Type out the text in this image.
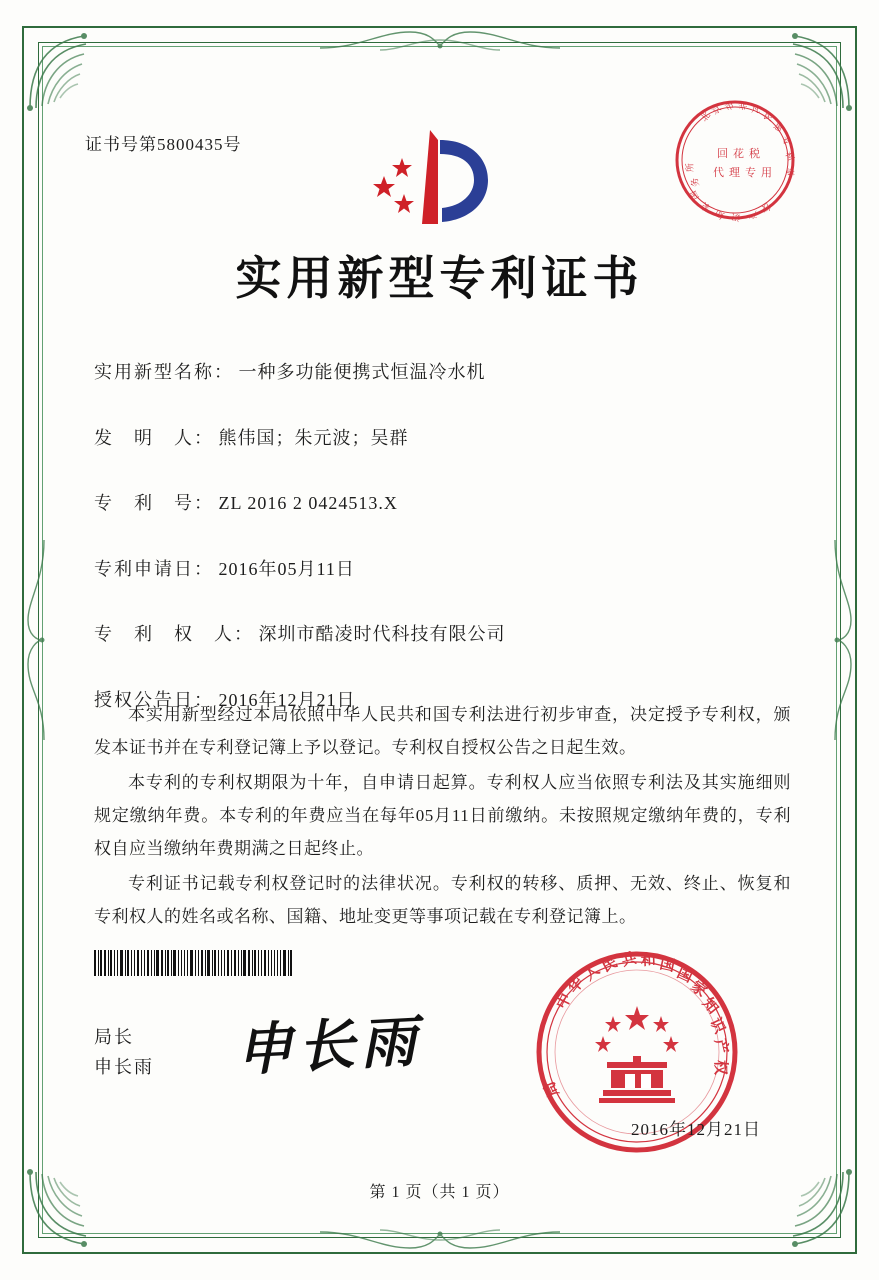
证书号第5800435号
北
京 市 非 凡
民
惠
专
利
事
务
所
回 花 税
代 理 专 用
国
家
知 识 产
权
实用新型专利证书
实用新型名称： 一种多功能便携式恒温冷水机
发　明　人： 熊伟国；朱元波；吴群
专　利　号： ZL 2016 2 0424513.X
专利申请日： 2016年05月11日
专　利　权　人： 深圳市酷凌时代科技有限公司
授权公告日： 2016年12月21日

本实用新型经过本局依照中华人民共和国专利法进行初步审查，决定授予专利权，颁发本证书并在专利登记簿上予以登记。专利权自授权公告之日起生效。

本专利的专利权期限为十年，自申请日起算。专利权人应当依照专利法及其实施细则规定缴纳年费。本专利的年费应当在每年05月11日前缴纳。未按照规定缴纳年费的，专利权自应当缴纳年费期满之日起终止。

专利证书记载专利权登记时的法律状况。专利权的转移、质押、无效、终止、恢复和专利权人的姓名或名称、国籍、地址变更等事项记载在专利登记簿上。

局长
申长雨 申长雨
中
华
人
民 共 和 国
国
家
知
识
产
权
局
2016年12月21日
第 1 页（共 1 页）
